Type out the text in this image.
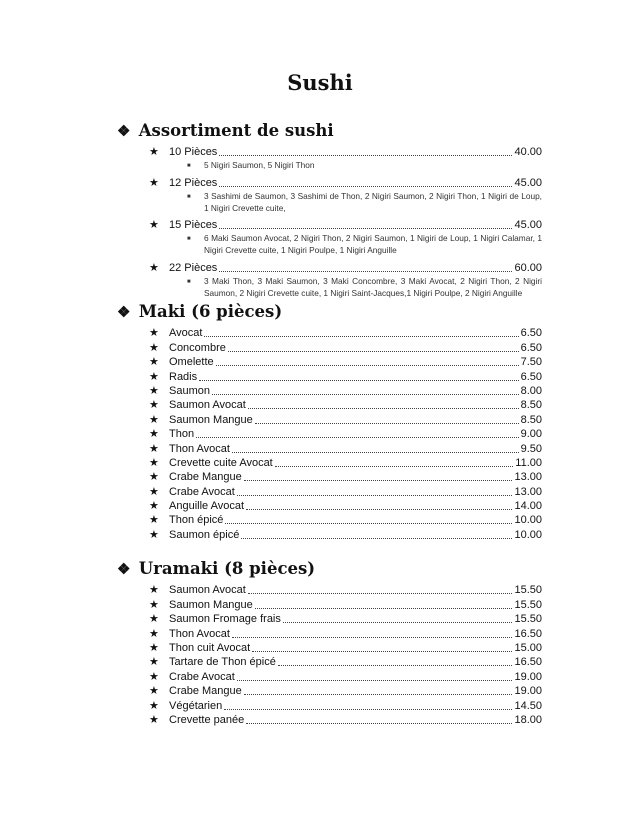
Sushi
❖ Assortiment de sushi
★ 10 Pièces	40.00
■ 5 Nigiri Saumon, 5 Nigiri Thon
★ 12 Pièces	45.00
■ 3 Sashimi de Saumon, 3 Sashimi de Thon, 2 Nigiri Saumon, 2 Nigiri Thon, 1 Nigiri de Loup, 1 Nigiri Crevette cuite,
★ 15 Pièces	45.00
■ 6 Maki Saumon Avocat, 2 Nigiri Thon, 2 Nigiri Saumon, 1 Nigiri de Loup, 1 Nigiri Calamar, 1 Nigiri Crevette cuite, 1 Nigiri Poulpe, 1 Nigiri Anguille
★ 22 Pièces	60.00
■ 3 Maki Thon, 3 Maki Saumon, 3 Maki Concombre, 3 Maki Avocat, 2 Nigiri Thon, 2 Nigiri Saumon, 2 Nigiri Crevette cuite, 1 Nigiri Saint-Jacques,1 Nigiri Poulpe, 2 Nigiri Anguille
❖ Maki (6 pièces)
★ Avocat	6.50
★ Concombre	6.50
★ Omelette	7.50
★ Radis	6.50
★ Saumon	8.00
★ Saumon Avocat	8.50
★ Saumon Mangue	8.50
★ Thon	9.00
★ Thon Avocat	9.50
★ Crevette cuite Avocat	11.00
★ Crabe Mangue	13.00
★ Crabe Avocat	13.00
★ Anguille Avocat	14.00
★ Thon épicé	10.00
★ Saumon épicé	10.00
❖ Uramaki (8 pièces)
★ Saumon Avocat	15.50
★ Saumon Mangue	15.50
★ Saumon Fromage frais	15.50
★ Thon Avocat	16.50
★ Thon cuit Avocat	15.00
★ Tartare de Thon épicé	16.50
★ Crabe Avocat	19.00
★ Crabe Mangue	19.00
★ Végétarien	14.50
★ Crevette panée	18.00
